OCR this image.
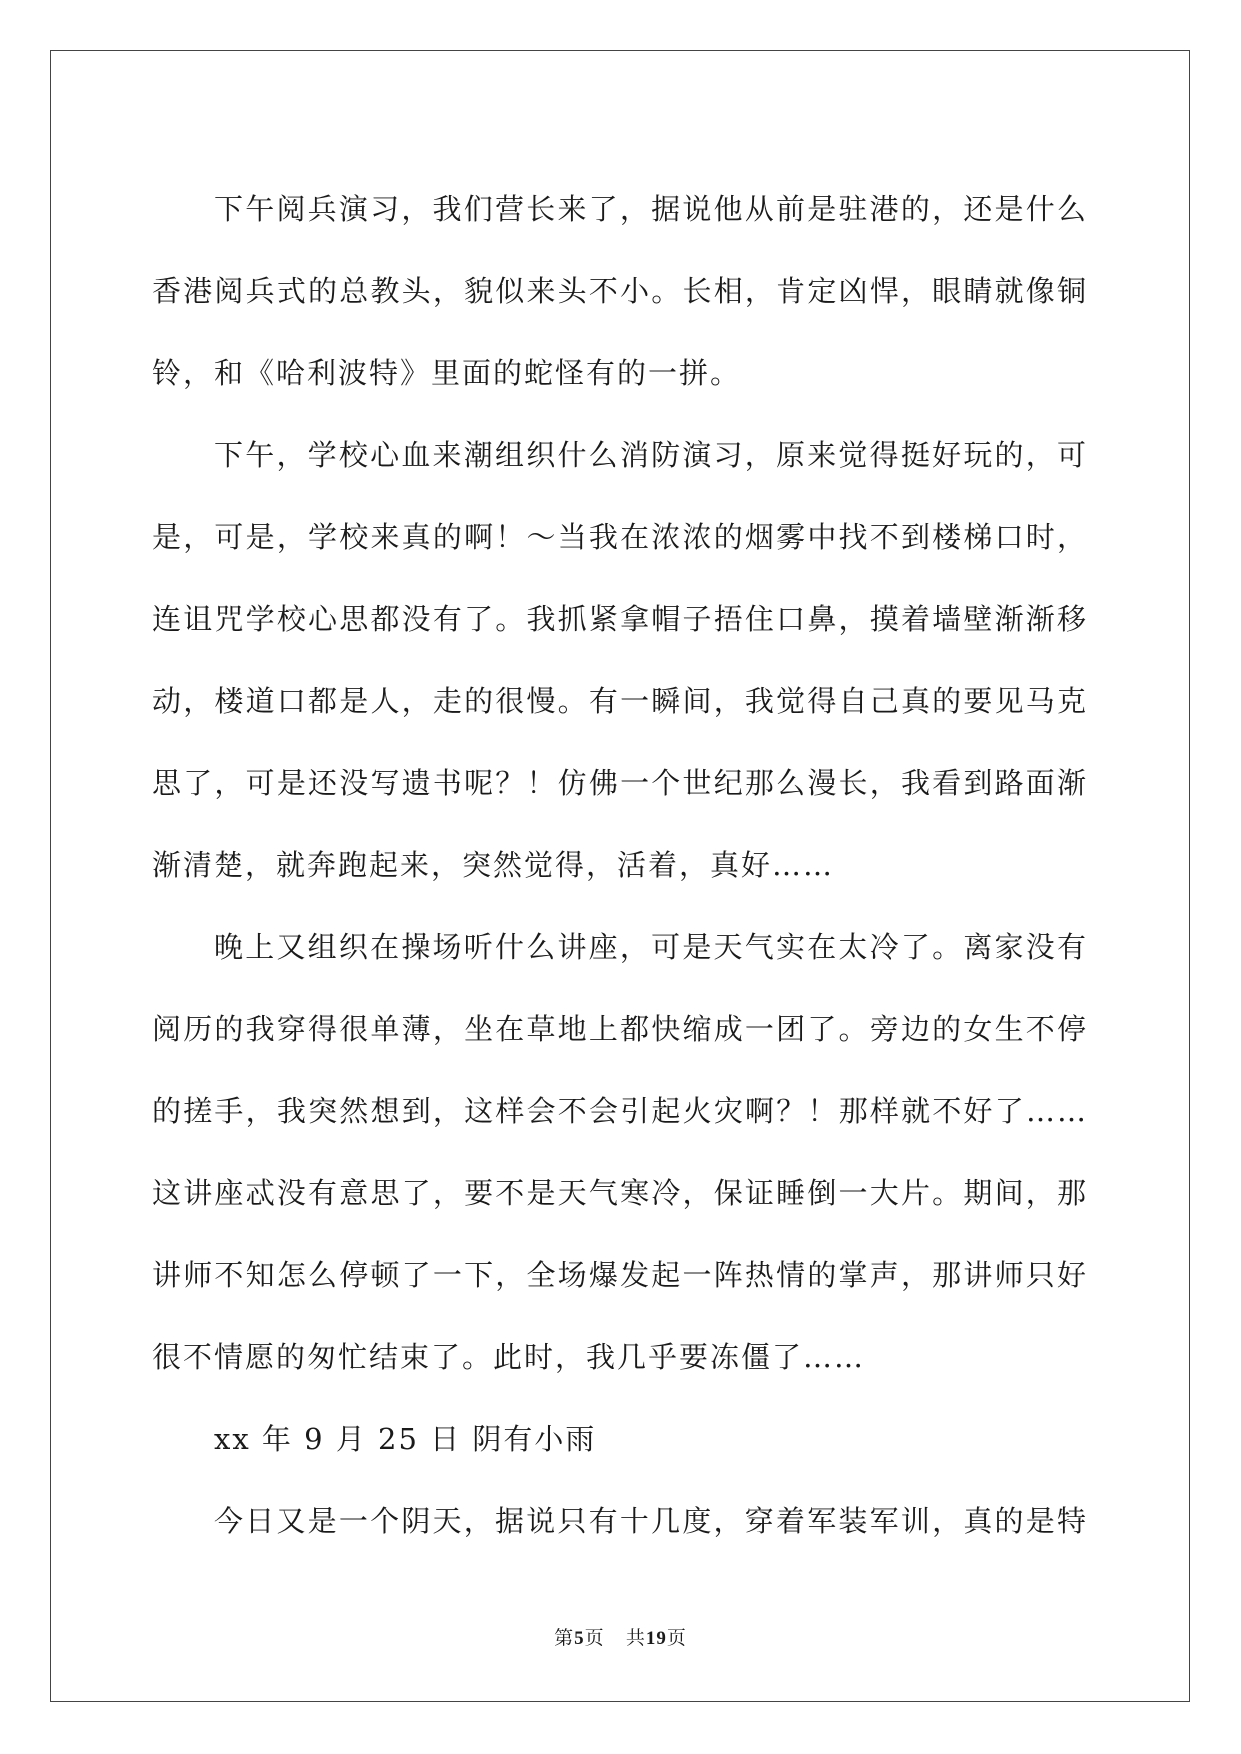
下午阅兵演习，我们营长来了，据说他从前是驻港的，还是什么
香港阅兵式的总教头，貌似来头不小。长相，肯定凶悍，眼睛就像铜
铃，和《哈利波特》里面的蛇怪有的一拼。
下午，学校心血来潮组织什么消防演习，原来觉得挺好玩的，可
是，可是，学校来真的啊！～当我在浓浓的烟雾中找不到楼梯口时，
连诅咒学校心思都没有了。我抓紧拿帽子捂住口鼻，摸着墙壁渐渐移
动，楼道口都是人，走的很慢。有一瞬间，我觉得自己真的要见马克
思了，可是还没写遗书呢？！仿佛一个世纪那么漫长，我看到路面渐
渐清楚，就奔跑起来，突然觉得，活着，真好……
晚上又组织在操场听什么讲座，可是天气实在太冷了。离家没有
阅历的我穿得很单薄，坐在草地上都快缩成一团了。旁边的女生不停
的搓手，我突然想到，这样会不会引起火灾啊？！那样就不好了……
这讲座忒没有意思了，要不是天气寒冷，保证睡倒一大片。期间，那
讲师不知怎么停顿了一下，全场爆发起一阵热情的掌声，那讲师只好
很不情愿的匆忙结束了。此时，我几乎要冻僵了……
xx 年 9 月 25 日 阴有小雨
今日又是一个阴天，据说只有十几度，穿着军装军训，真的是特
第5页 共19页
